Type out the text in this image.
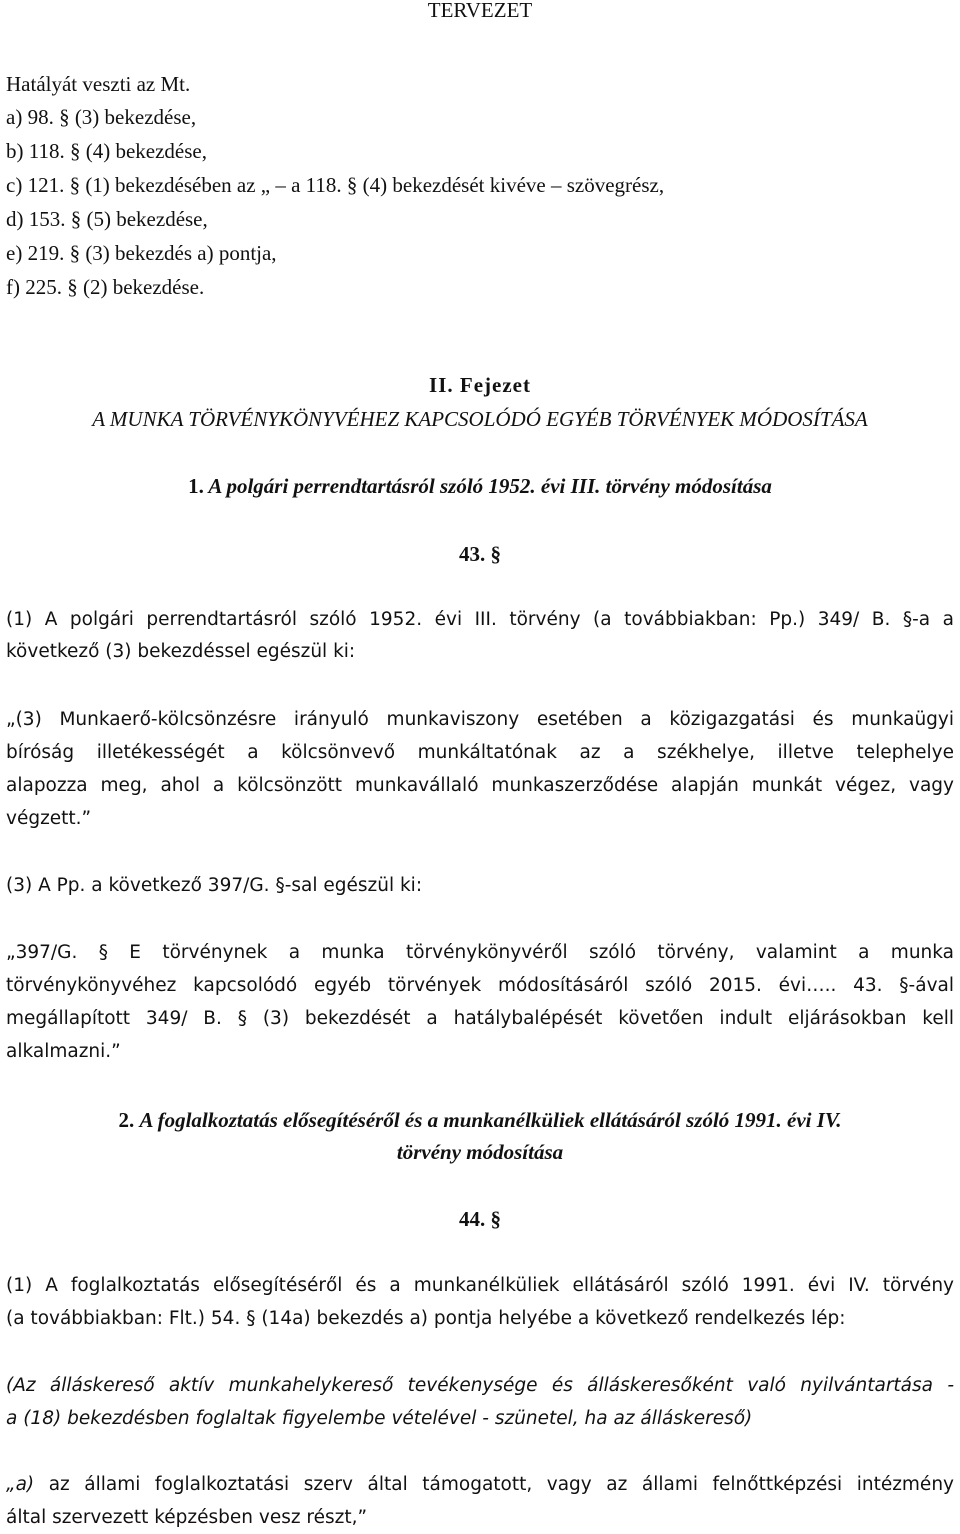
TERVEZET
Hatályát veszti az Mt.
a) 98. § (3) bekezdése,
b) 118. § (4) bekezdése,
c) 121. § (1) bekezdésében az „ – a 118. § (4) bekezdését kivéve – szövegrész,
d) 153. § (5) bekezdése,
e) 219. § (3) bekezdés a) pontja,
f) 225. § (2) bekezdése.
II. Fejezet
A MUNKA TÖRVÉNYKÖNYVÉHEZ KAPCSOLÓDÓ EGYÉB TÖRVÉNYEK MÓDOSÍTÁSA
1. A polgári perrendtartásról szóló 1952. évi III. törvény módosítása
43. §
(1) A polgári perrendtartásról szóló 1952. évi III. törvény (a továbbiakban: Pp.) 349/ B. §-a a
következő (3) bekezdéssel egészül ki:
„(3) Munkaerő-kölcsönzésre irányuló munkaviszony esetében a közigazgatási és munkaügyi
bíróság illetékességét a kölcsönvevő munkáltatónak az a székhelye, illetve telephelye
alapozza meg, ahol a kölcsönzött munkavállaló munkaszerződése alapján munkát végez, vagy
végzett.”
(3) A Pp. a következő 397/G. §-sal egészül ki:
„397/G. § E törvénynek a munka törvénykönyvéről szóló törvény, valamint a munka
törvénykönyvéhez kapcsolódó egyéb törvények módosításáról szóló 2015. évi….. 43. §-ával
megállapított 349/ B. § (3) bekezdését a hatálybalépését követően indult eljárásokban kell
alkalmazni.”
2. A foglalkoztatás elősegítéséről és a munkanélküliek ellátásáról szóló 1991. évi IV.
törvény módosítása
44. §
(1) A foglalkoztatás elősegítéséről és a munkanélküliek ellátásáról szóló 1991. évi IV. törvény
(a továbbiakban: Flt.) 54. § (14a) bekezdés a) pontja helyébe a következő rendelkezés lép:
(Az álláskereső aktív munkahelykereső tevékenysége és álláskeresőként való nyilvántartása -
a (18) bekezdésben foglaltak figyelembe vételével - szünetel, ha az álláskereső)
„a) az állami foglalkoztatási szerv által támogatott, vagy az állami felnőttképzési intézmény
által szervezett képzésben vesz részt,”
